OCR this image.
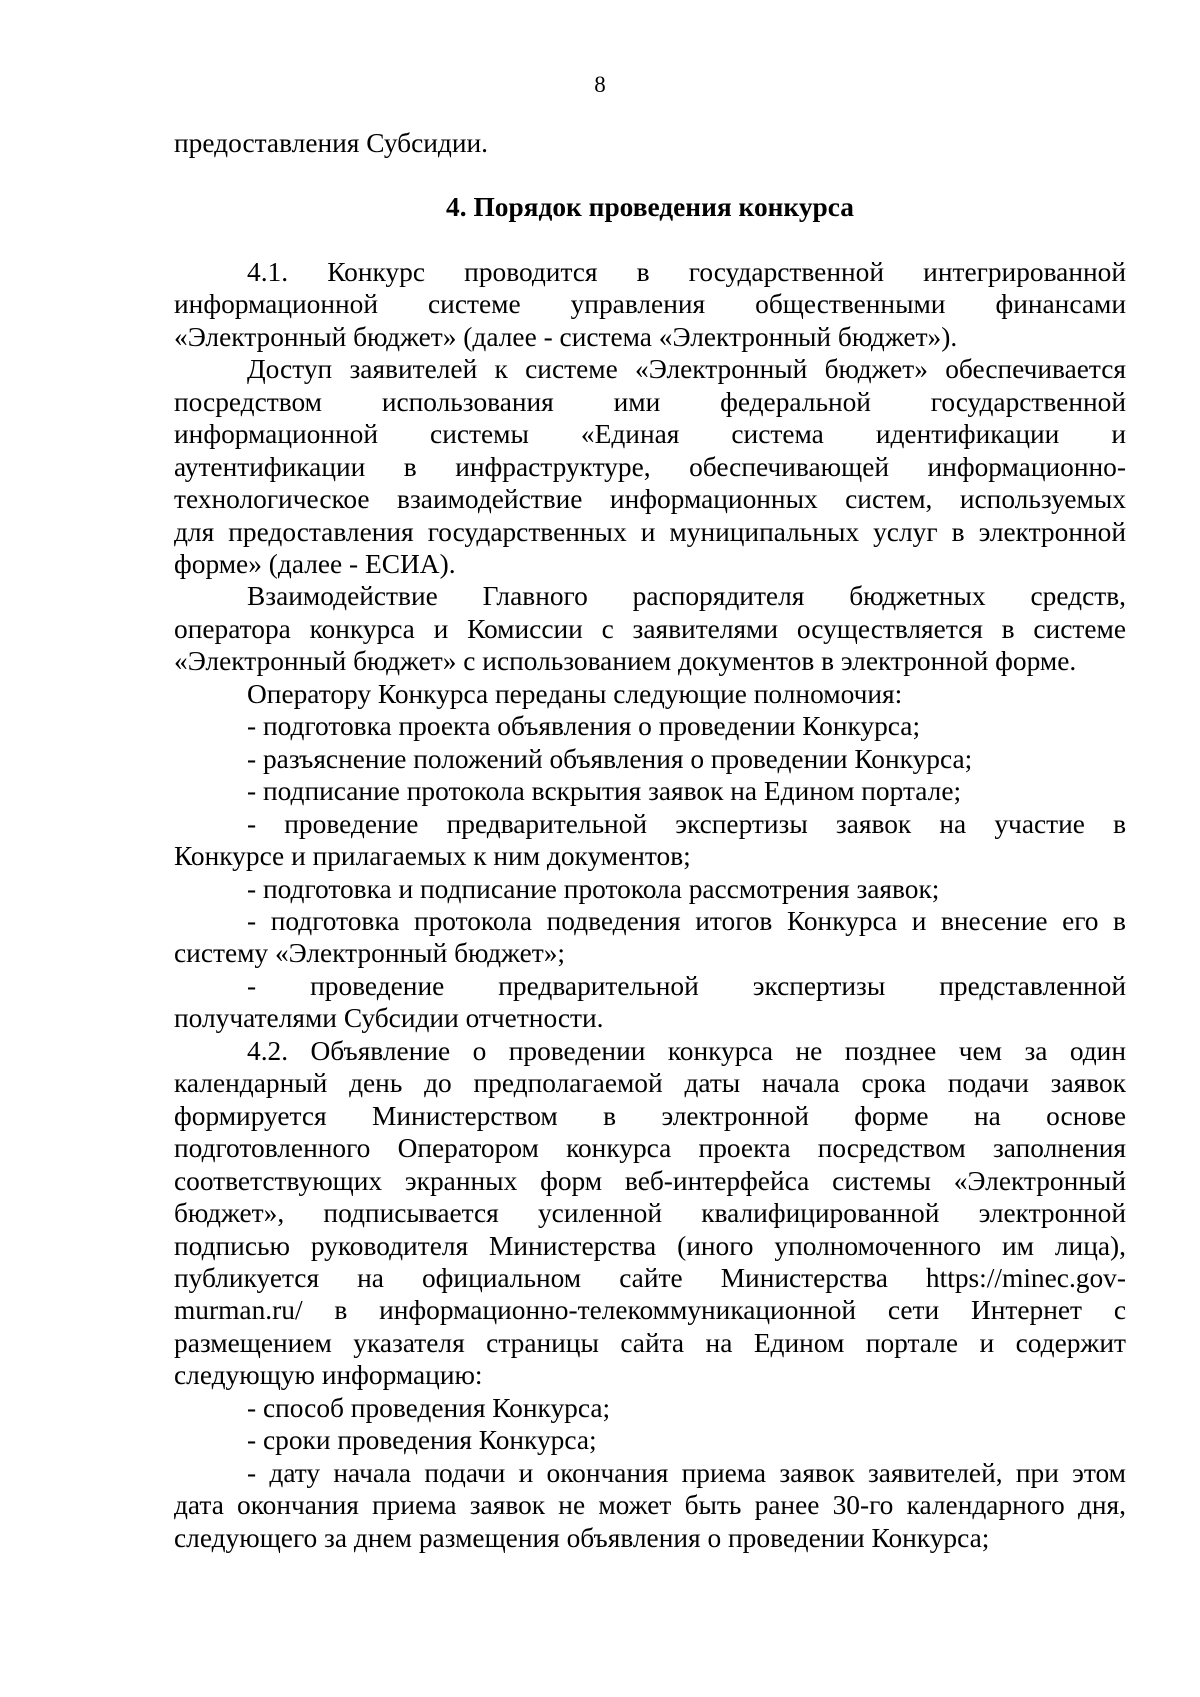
8
предоставления Субсидии.
4. Порядок проведения конкурса
4.1. Конкурс проводится в государственной интегрированной
информационной системе управления общественными финансами
«Электронный бюджет» (далее - система «Электронный бюджет»).
Доступ заявителей к системе «Электронный бюджет» обеспечивается
посредством использования ими федеральной государственной
информационной системы «Единая система идентификации и
аутентификации в инфраструктуре, обеспечивающей информационно-
технологическое взаимодействие информационных систем, используемых
для предоставления государственных и муниципальных услуг в электронной
форме» (далее - ЕСИА).
Взаимодействие Главного распорядителя бюджетных средств,
оператора конкурса и Комиссии с заявителями осуществляется в системе
«Электронный бюджет» с использованием документов в электронной форме.
Оператору Конкурса переданы следующие полномочия:
- подготовка проекта объявления о проведении Конкурса;
- разъяснение положений объявления о проведении Конкурса;
- подписание протокола вскрытия заявок на Едином портале;
- проведение предварительной экспертизы заявок на участие в
Конкурсе и прилагаемых к ним документов;
- подготовка и подписание протокола рассмотрения заявок;
- подготовка протокола подведения итогов Конкурса и внесение его в
систему «Электронный бюджет»;
- проведение предварительной экспертизы представленной
получателями Субсидии отчетности.
4.2. Объявление о проведении конкурса не позднее чем за один
календарный день до предполагаемой даты начала срока подачи заявок
формируется Министерством в электронной форме на основе
подготовленного Оператором конкурса проекта посредством заполнения
соответствующих экранных форм веб-интерфейса системы «Электронный
бюджет», подписывается усиленной квалифицированной электронной
подписью руководителя Министерства (иного уполномоченного им лица),
публикуется на официальном сайте Министерства https://minec.gov-
murman.ru/ в информационно-телекоммуникационной сети Интернет с
размещением указателя страницы сайта на Едином портале и содержит
следующую информацию:
- способ проведения Конкурса;
- сроки проведения Конкурса;
- дату начала подачи и окончания приема заявок заявителей, при этом
дата окончания приема заявок не может быть ранее 30-го календарного дня,
следующего за днем размещения объявления о проведении Конкурса;
